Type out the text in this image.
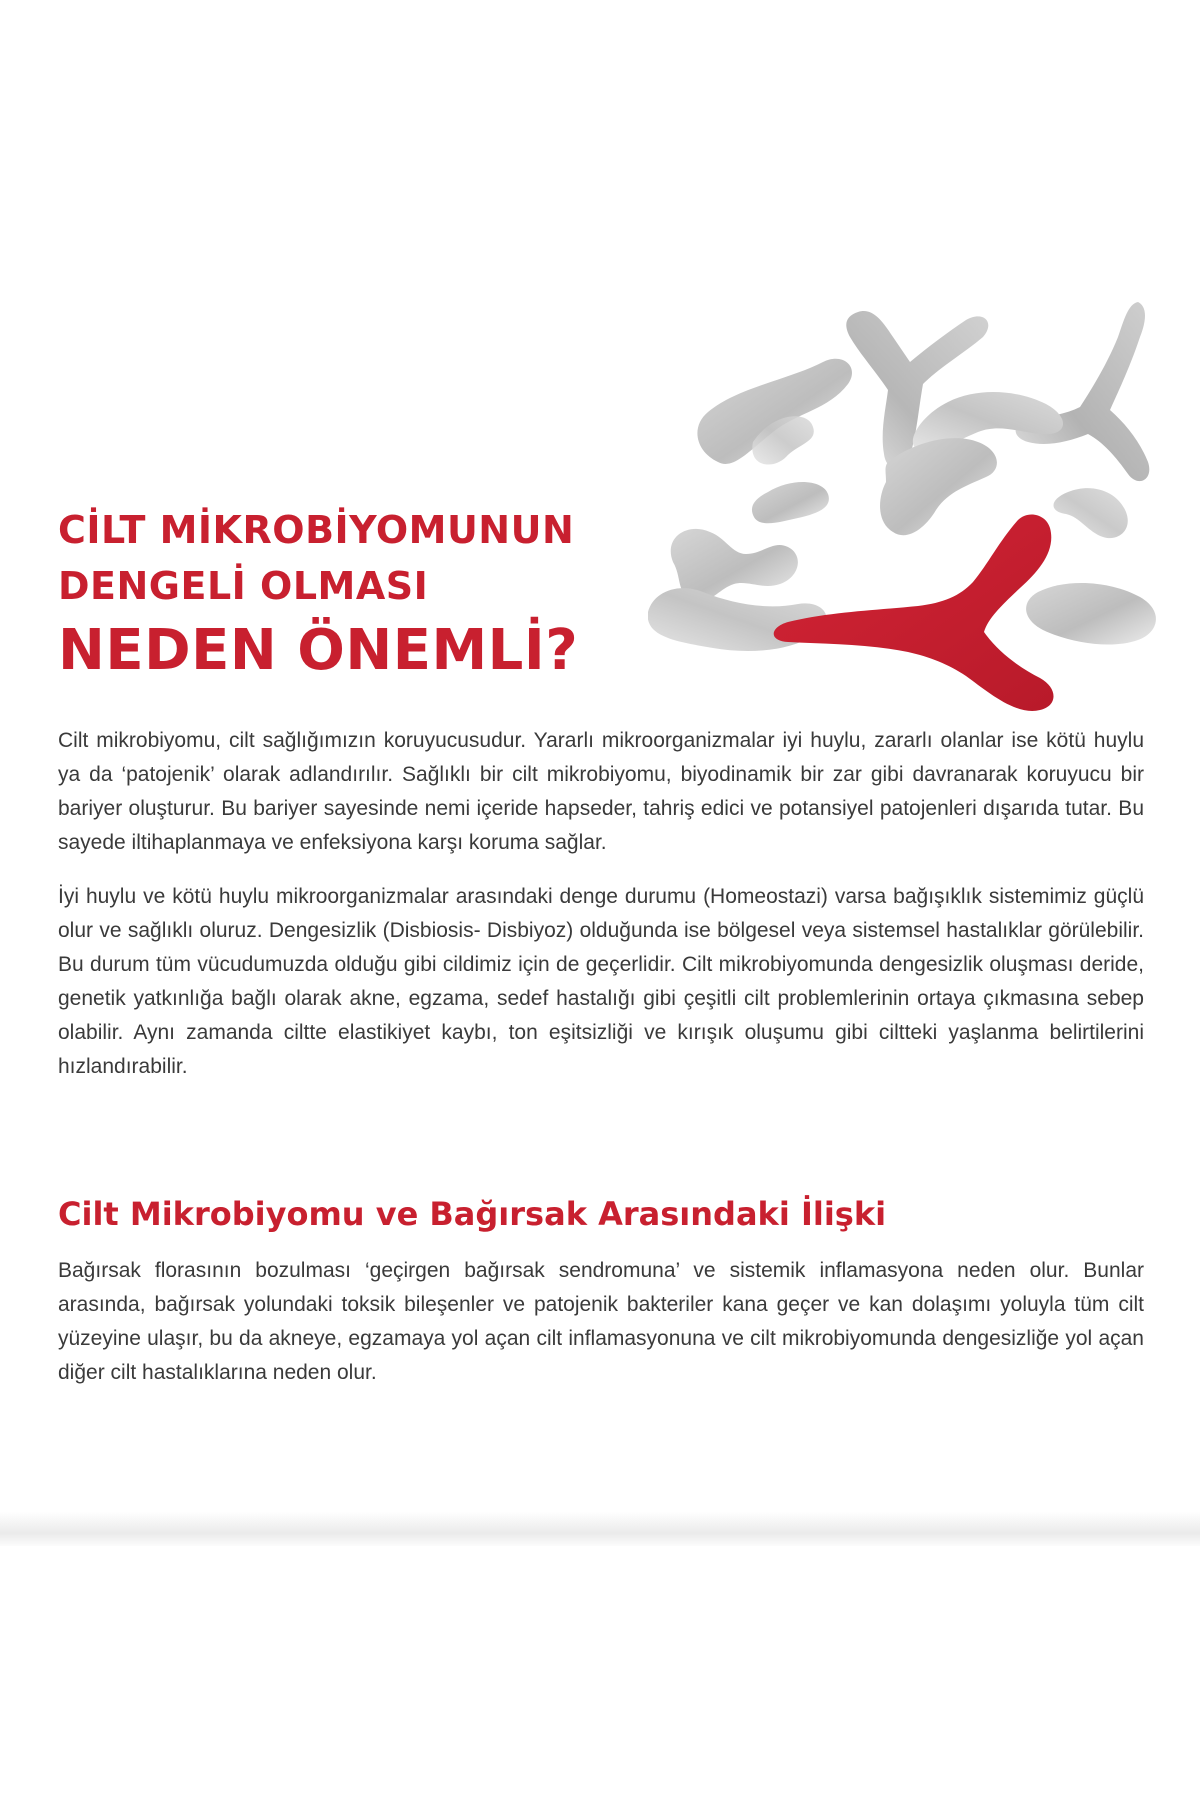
CİLT MİKROBİYOMUNUN
DENGELİ OLMASI
NEDEN ÖNEMLİ?

Cilt mikrobiyomu, cilt sağlığımızın koruyucusudur. Yararlı mikroorganizmalar iyi huylu, zararlı olanlar ise kötü huylu ya da ‘patojenik’ olarak adlandırılır. Sağlıklı bir cilt mikrobiyomu, biyodinamik bir zar gibi davranarak koruyucu bir bariyer oluşturur. Bu bariyer sayesinde nemi içeride hapseder, tahriş edici ve potansiyel patojenleri dışarıda tutar. Bu sayede iltihaplanmaya ve enfeksiyona karşı koruma sağlar.

İyi huylu ve kötü huylu mikroorganizmalar arasındaki denge durumu (Homeostazi) varsa bağışıklık sistemimiz güçlü olur ve sağlıklı oluruz. Dengesizlik (Disbiosis- Disbiyoz) olduğunda ise bölgesel veya sistemsel hastalıklar görülebilir. Bu durum tüm vücudumuzda olduğu gibi cildimiz için de geçerlidir. Cilt mikrobiyomunda dengesizlik oluşması deride, genetik yatkınlığa bağlı olarak akne, egzama, sedef hastalığı gibi çeşitli cilt problemlerinin ortaya çıkmasına sebep olabilir. Aynı zamanda ciltte elastikiyet kaybı, ton eşitsizliği ve kırışık oluşumu gibi ciltteki yaşlanma belirtilerini hızlandırabilir.

Cilt Mikrobiyomu ve Bağırsak Arasındaki İlişki

Bağırsak florasının bozulması ‘geçirgen bağırsak sendromuna’ ve sistemik inflamasyona neden olur. Bunlar arasında, bağırsak yolundaki toksik bileşenler ve patojenik bakteriler kana geçer ve kan dolaşımı yoluyla tüm cilt yüzeyine ulaşır, bu da akneye, egzamaya yol açan cilt inflamasyonuna ve cilt mikrobiyomunda dengesizliğe yol açan diğer cilt hastalıklarına neden olur.
